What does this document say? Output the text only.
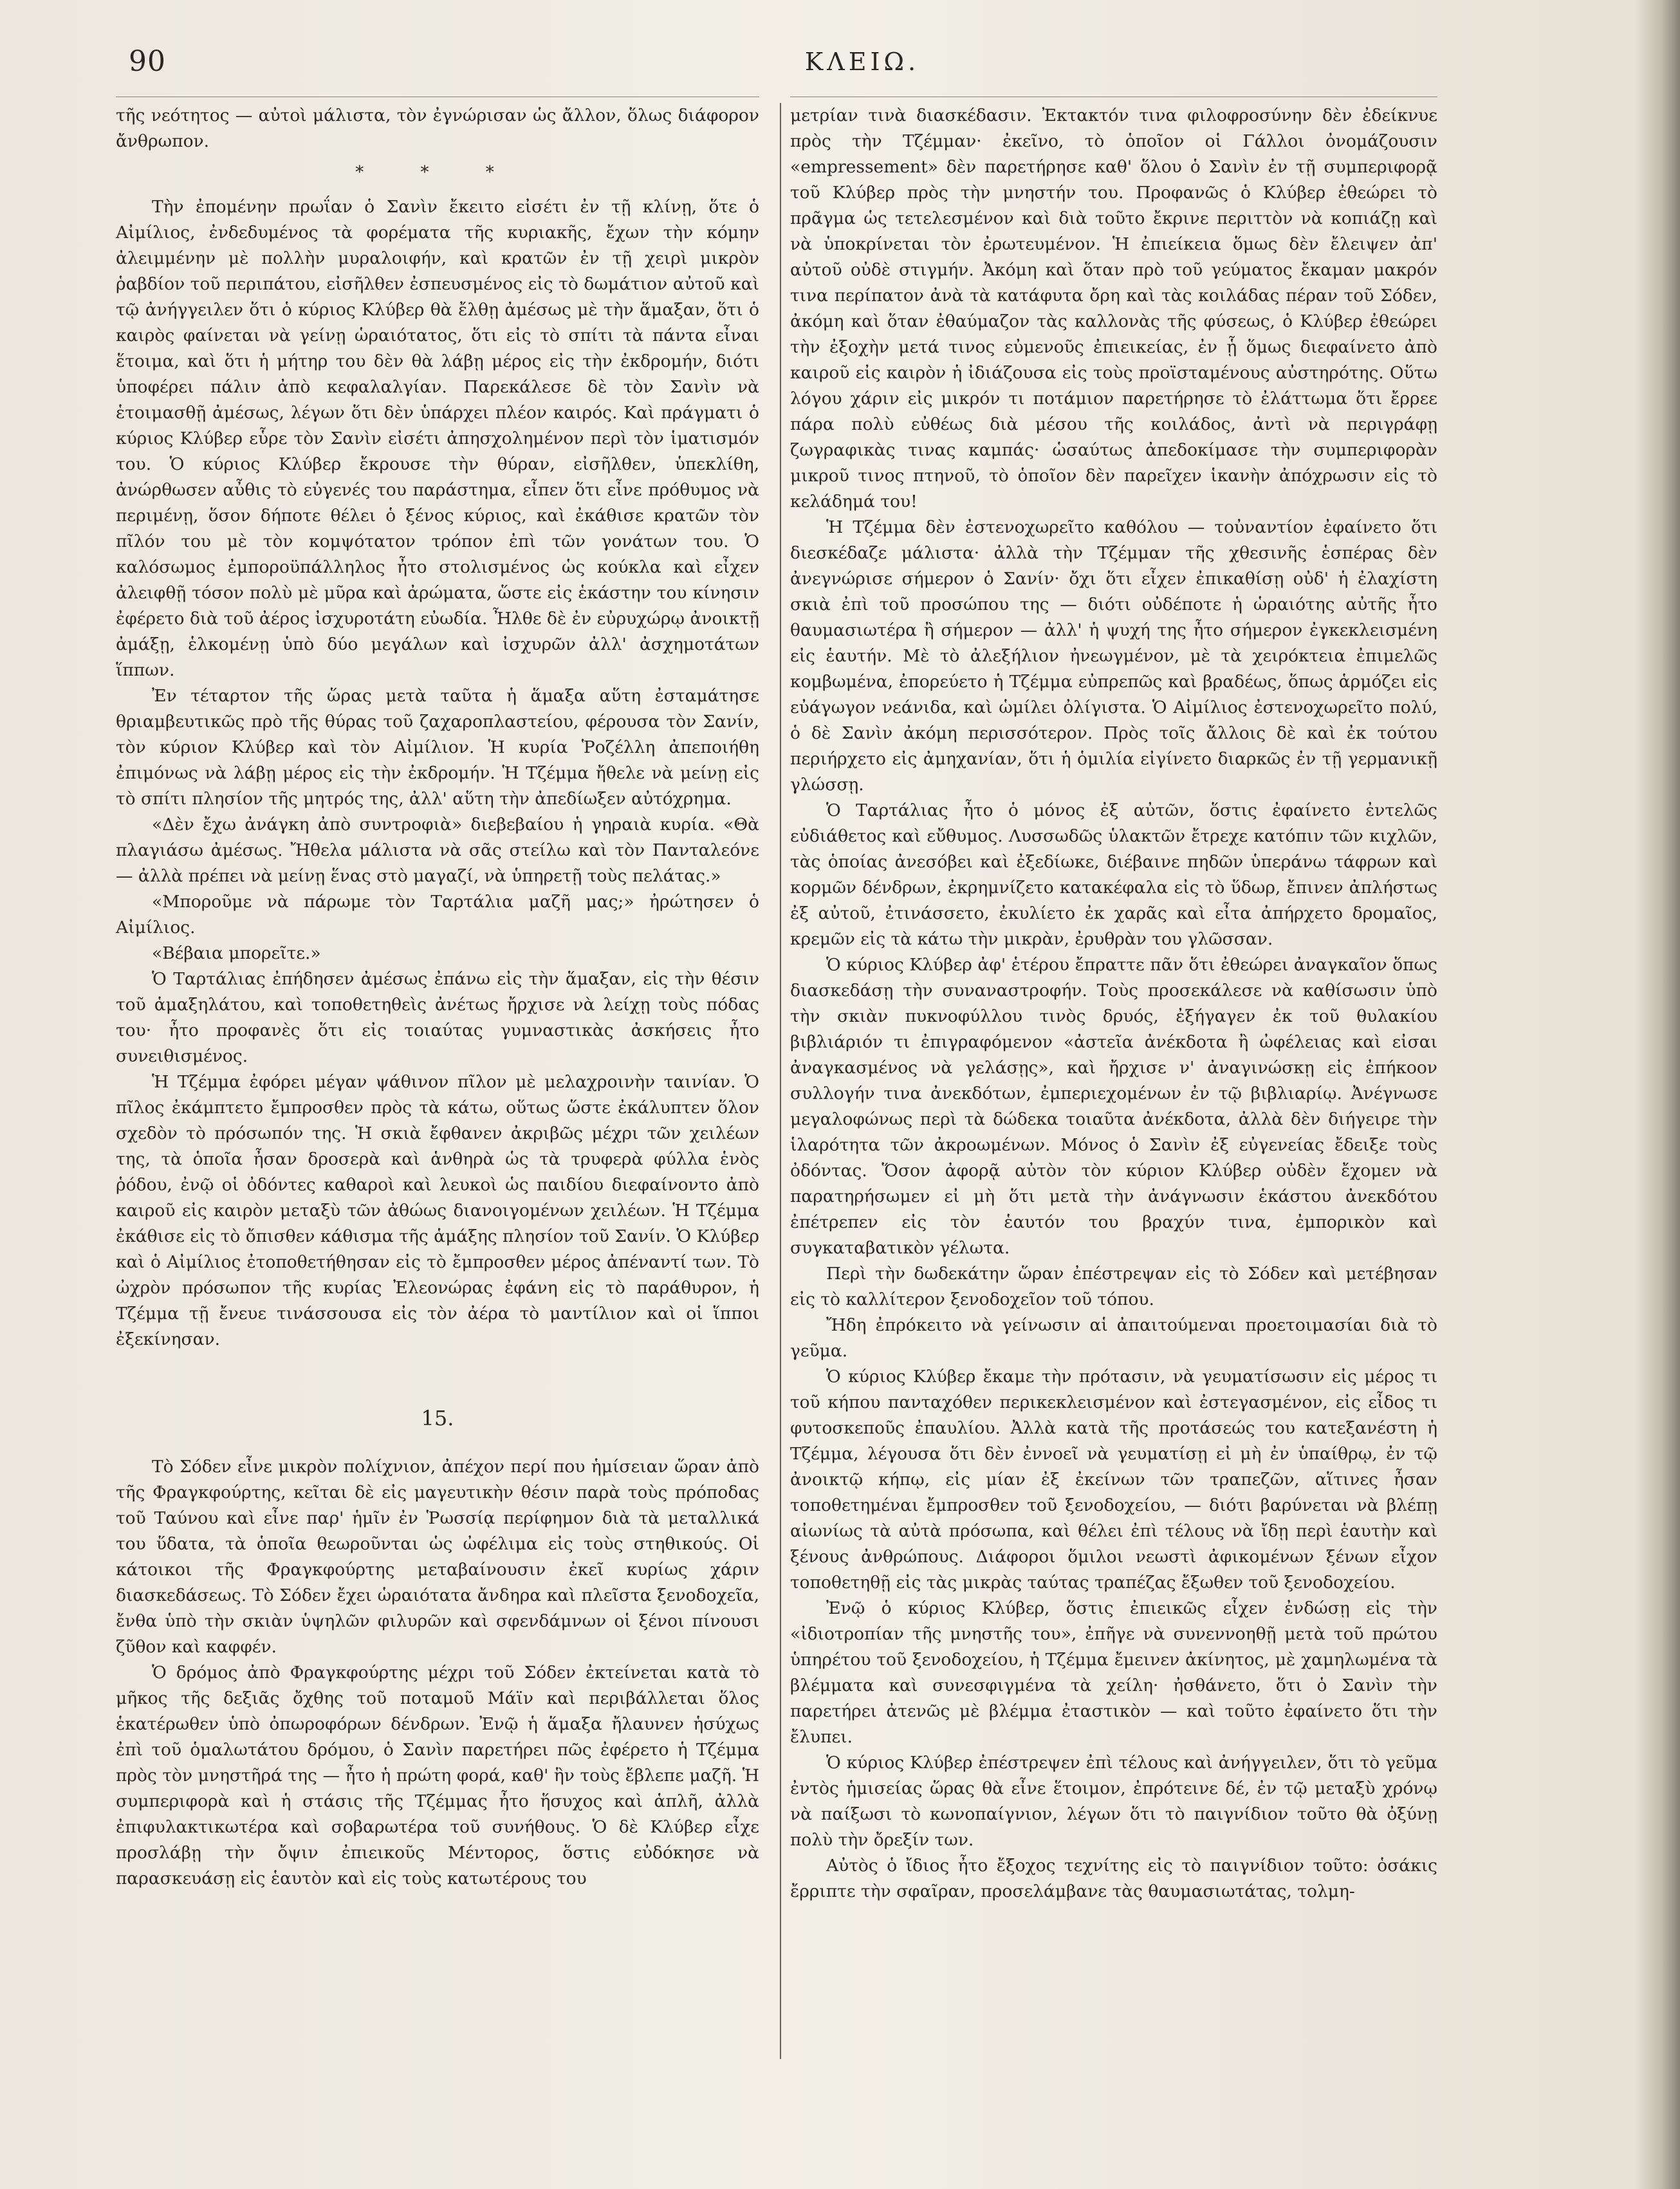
90	ΚΛΕΙΩ.

τῆς νεότητος — αὐτοὶ μάλιστα, τὸν ἐγνώρισαν ὡς ἄλλον, ὅλως διάφορον ἄνθρωπον.

* * *

Τὴν ἐπομένην πρωΐαν ὁ Σανὶν ἔκειτο εἰσέτι ἐν τῇ κλίνῃ, ὅτε ὁ Αἰμίλιος, ἐνδεδυμένος τὰ φορέματα τῆς κυριακῆς, ἔχων τὴν κόμην ἀλειμμένην μὲ πολλὴν μυραλοιφήν, καὶ κρατῶν ἐν τῇ χειρὶ μικρὸν ῥαβδίον τοῦ περιπάτου, εἰσῆλθεν ἐσπευσμένος εἰς τὸ δωμάτιον αὐτοῦ καὶ τῷ ἀνήγγειλεν ὅτι ὁ κύριος Κλύβερ θὰ ἔλθῃ ἀμέσως μὲ τὴν ἅμαξαν, ὅτι ὁ καιρὸς φαίνεται νὰ γείνῃ ὡραιότατος, ὅτι εἰς τὸ σπίτι τὰ πάντα εἶναι ἕτοιμα, καὶ ὅτι ἡ μήτηρ του δὲν θὰ λάβῃ μέρος εἰς τὴν ἐκδρομήν, διότι ὑποφέρει πάλιν ἀπὸ κεφαλαλγίαν. Παρεκάλεσε δὲ τὸν Σανὶν νὰ ἑτοιμασθῇ ἀμέσως, λέγων ὅτι δὲν ὑπάρχει πλέον καιρός. Καὶ πράγματι ὁ κύριος Κλύβερ εὗρε τὸν Σανὶν εἰσέτι ἀπησχολημένον περὶ τὸν ἱματισμόν του. Ὁ κύριος Κλύβερ ἔκρουσε τὴν θύραν, εἰσῆλθεν, ὑπεκλίθη, ἀνώρθωσεν αὖθις τὸ εὐγενές του παράστημα, εἶπεν ὅτι εἶνε πρόθυμος νὰ περιμένῃ, ὅσον δήποτε θέλει ὁ ξένος κύριος, καὶ ἐκάθισε κρατῶν τὸν πῖλόν του μὲ τὸν κομψότατον τρόπον ἐπὶ τῶν γονάτων του. Ὁ καλόσωμος ἐμποροϋπάλληλος ἦτο στολισμένος ὡς κούκλα καὶ εἶχεν ἀλειφθῇ τόσον πολὺ μὲ μῦρα καὶ ἀρώματα, ὥστε εἰς ἑκάστην του κίνησιν ἐφέρετο διὰ τοῦ ἀέρος ἰσχυροτάτη εὐωδία. Ἦλθε δὲ ἐν εὐρυχώρῳ ἀνοικτῇ ἀμάξῃ, ἑλκομένῃ ὑπὸ δύο μεγάλων καὶ ἰσχυρῶν ἀλλ' ἀσχημοτάτων ἵππων.

Ἐν τέταρτον τῆς ὥρας μετὰ ταῦτα ἡ ἅμαξα αὕτη ἐσταμάτησε θριαμβευτικῶς πρὸ τῆς θύρας τοῦ ζαχαροπλαστείου, φέρουσα τὸν Σανίν, τὸν κύριον Κλύβερ καὶ τὸν Αἰμίλιον. Ἡ κυρία Ῥοζέλλη ἀπεποιήθη ἐπιμόνως νὰ λάβῃ μέρος εἰς τὴν ἐκδρομήν. Ἡ Τζέμμα ἤθελε νὰ μείνῃ εἰς τὸ σπίτι πλησίον τῆς μητρός της, ἀλλ' αὕτη τὴν ἀπεδίωξεν αὐτόχρημα.

«Δὲν ἔχω ἀνάγκη ἀπὸ συντροφιὰ» διεβεβαίου ἡ γηραιὰ κυρία. «Θὰ πλαγιάσω ἀμέσως. Ἤθελα μάλιστα νὰ σᾶς στείλω καὶ τὸν Πανταλεόνε — ἀλλὰ πρέπει νὰ μείνῃ ἕνας στὸ μαγαζί, νὰ ὑπηρετῇ τοὺς πελάτας.»

«Μποροῦμε νὰ πάρωμε τὸν Ταρτάλια μαζῆ μας;» ἠρώτησεν ὁ Αἰμίλιος.

«Βέβαια μπορεῖτε.»

Ὁ Ταρτάλιας ἐπήδησεν ἀμέσως ἐπάνω εἰς τὴν ἅμαξαν, εἰς τὴν θέσιν τοῦ ἁμαξηλάτου, καὶ τοποθετηθεὶς ἀνέτως ἤρχισε νὰ λείχῃ τοὺς πόδας του· ἦτο προφανὲς ὅτι εἰς τοιαύτας γυμναστικὰς ἀσκήσεις ἦτο συνειθισμένος.

Ἡ Τζέμμα ἐφόρει μέγαν ψάθινον πῖλον μὲ μελαχροινὴν ταινίαν. Ὁ πῖλος ἐκάμπτετο ἔμπροσθεν πρὸς τὰ κάτω, οὕτως ὥστε ἐκάλυπτεν ὅλον σχεδὸν τὸ πρόσωπόν της. Ἡ σκιὰ ἔφθανεν ἀκριβῶς μέχρι τῶν χειλέων της, τὰ ὁποῖα ἦσαν δροσερὰ καὶ ἁνθηρὰ ὡς τὰ τρυφερὰ φύλλα ἑνὸς ῥόδου, ἐνῷ οἱ ὀδόντες καθαροὶ καὶ λευκοὶ ὡς παιδίου διεφαίνοντο ἀπὸ καιροῦ εἰς καιρὸν μεταξὺ τῶν ἀθώως διανοιγομένων χειλέων. Ἡ Τζέμμα ἐκάθισε εἰς τὸ ὄπισθεν κάθισμα τῆς ἁμάξης πλησίον τοῦ Σανίν. Ὁ Κλύβερ καὶ ὁ Αἰμίλιος ἐτοποθετήθησαν εἰς τὸ ἔμπροσθεν μέρος ἀπέναντί των. Τὸ ὠχρὸν πρόσωπον τῆς κυρίας Ἐλεονώρας ἐφάνη εἰς τὸ παράθυρον, ἡ Τζέμμα τῇ ἔνευε τινάσσουσα εἰς τὸν ἀέρα τὸ μαντίλιον καὶ οἱ ἵπποι ἐξεκίνησαν.

15.

Τὸ Σόδεν εἶνε μικρὸν πολίχνιον, ἀπέχον περί που ἡμίσειαν ὥραν ἀπὸ τῆς Φραγκφούρτης, κεῖται δὲ εἰς μαγευτικὴν θέσιν παρὰ τοὺς πρόποδας τοῦ Ταύνου καὶ εἶνε παρ' ἡμῖν ἐν Ῥωσσίᾳ περίφημον διὰ τὰ μεταλλικά του ὕδατα, τὰ ὁποῖα θεωροῦνται ὡς ὠφέλιμα εἰς τοὺς στηθικούς. Οἱ κάτοικοι τῆς Φραγκφούρτης μεταβαίνουσιν ἐκεῖ κυρίως χάριν διασκεδάσεως. Τὸ Σόδεν ἔχει ὡραιότατα ἄνδηρα καὶ πλεῖστα ξενοδοχεῖα, ἔνθα ὑπὸ τὴν σκιὰν ὑψηλῶν φιλυρῶν καὶ σφενδάμνων οἱ ξένοι πίνουσι ζῦθον καὶ καφφέν.

Ὁ δρόμος ἀπὸ Φραγκφούρτης μέχρι τοῦ Σόδεν ἐκτείνεται κατὰ τὸ μῆκος τῆς δεξιᾶς ὄχθης τοῦ ποταμοῦ Μάϊν καὶ περιβάλλεται ὅλος ἑκατέρωθεν ὑπὸ ὀπωροφόρων δένδρων. Ἐνῷ ἡ ἅμαξα ἤλαυνεν ἡσύχως ἐπὶ τοῦ ὁμαλωτάτου δρόμου, ὁ Σανὶν παρετήρει πῶς ἐφέρετο ἡ Τζέμμα πρὸς τὸν μνηστῆρά της — ἦτο ἡ πρώτη φορά, καθ' ἣν τοὺς ἔβλεπε μαζῆ. Ἡ συμπεριφορὰ καὶ ἡ στάσις τῆς Τζέμμας ἦτο ἥσυχος καὶ ἁπλῆ, ἀλλὰ ἐπιφυλακτικωτέρα καὶ σοβαρωτέρα τοῦ συνήθους. Ὁ δὲ Κλύβερ εἶχε προσλάβῃ τὴν ὄψιν ἐπιεικοῦς Μέντορος, ὅστις εὐδόκησε νὰ παρασκευάσῃ εἰς ἑαυτὸν καὶ εἰς τοὺς κατωτέρους του

μετρίαν τινὰ διασκέδασιν. Ἐκτακτόν τινα φιλοφροσύνην δὲν ἐδείκνυε πρὸς τὴν Τζέμμαν· ἐκεῖνο, τὸ ὁποῖον οἱ Γάλλοι ὀνομάζουσιν «empressement» δὲν παρετήρησε καθ' ὅλου ὁ Σανὶν ἐν τῇ συμπεριφορᾷ τοῦ Κλύβερ πρὸς τὴν μνηστήν του. Προφανῶς ὁ Κλύβερ ἐθεώρει τὸ πρᾶγμα ὡς τετελεσμένον καὶ διὰ τοῦτο ἔκρινε περιττὸν νὰ κοπιάζῃ καὶ νὰ ὑποκρίνεται τὸν ἐρωτευμένον. Ἡ ἐπιείκεια ὅμως δὲν ἔλειψεν ἀπ' αὐτοῦ οὐδὲ στιγμήν. Ἀκόμη καὶ ὅταν πρὸ τοῦ γεύματος ἔκαμαν μακρόν τινα περίπατον ἀνὰ τὰ κατάφυτα ὄρη καὶ τὰς κοιλάδας πέραν τοῦ Σόδεν, ἀκόμη καὶ ὅταν ἐθαύμαζον τὰς καλλονὰς τῆς φύσεως, ὁ Κλύβερ ἐθεώρει τὴν ἐξοχὴν μετά τινος εὐμενοῦς ἐπιεικείας, ἐν ᾗ ὅμως διεφαίνετο ἀπὸ καιροῦ εἰς καιρὸν ἡ ἰδιάζουσα εἰς τοὺς προϊσταμένους αὐστηρότης. Οὕτω λόγου χάριν εἰς μικρόν τι ποτάμιον παρετήρησε τὸ ἐλάττωμα ὅτι ἔρρεε πάρα πολὺ εὐθέως διὰ μέσου τῆς κοιλάδος, ἀντὶ νὰ περιγράφῃ ζωγραφικὰς τινας καμπάς· ὡσαύτως ἀπεδοκίμασε τὴν συμπεριφορὰν μικροῦ τινος πτηνοῦ, τὸ ὁποῖον δὲν παρεῖχεν ἱκανὴν ἀπόχρωσιν εἰς τὸ κελάδημά του!

Ἡ Τζέμμα δὲν ἐστενοχωρεῖτο καθόλου — τοὐναντίον ἐφαίνετο ὅτι διεσκέδαζε μάλιστα· ἀλλὰ τὴν Τζέμμαν τῆς χθεσινῆς ἑσπέρας δὲν ἀνεγνώρισε σήμερον ὁ Σανίν· ὄχι ὅτι εἶχεν ἐπικαθίσῃ οὐδ' ἡ ἐλαχίστη σκιὰ ἐπὶ τοῦ προσώπου της — διότι οὐδέποτε ἡ ὡραιότης αὐτῆς ἦτο θαυμασιωτέρα ἢ σήμερον — ἀλλ' ἡ ψυχή της ἦτο σήμερον ἐγκεκλεισμένη εἰς ἑαυτήν. Μὲ τὸ ἀλεξήλιον ἠνεωγμένον, μὲ τὰ χειρόκτεια ἐπιμελῶς κομβωμένα, ἐπορεύετο ἡ Τζέμμα εὐπρεπῶς καὶ βραδέως, ὅπως ἁρμόζει εἰς εὐάγωγον νεάνιδα, καὶ ὡμίλει ὀλίγιστα. Ὁ Αἰμίλιος ἐστενοχωρεῖτο πολύ, ὁ δὲ Σανὶν ἀκόμη περισσότερον. Πρὸς τοῖς ἄλλοις δὲ καὶ ἐκ τούτου περιήρχετο εἰς ἀμηχανίαν, ὅτι ἡ ὁμιλία εἰγίνετο διαρκῶς ἐν τῇ γερμανικῇ γλώσσῃ.

Ὁ Ταρτάλιας ἦτο ὁ μόνος ἐξ αὐτῶν, ὅστις ἐφαίνετο ἐντελῶς εὐδιάθετος καὶ εὔθυμος. Λυσσωδῶς ὑλακτῶν ἔτρεχε κατόπιν τῶν κιχλῶν, τὰς ὁποίας ἀνεσόβει καὶ ἐξεδίωκε, διέβαινε πηδῶν ὑπεράνω τάφρων καὶ κορμῶν δένδρων, ἐκρημνίζετο κατακέφαλα εἰς τὸ ὕδωρ, ἔπινεν ἀπλήστως ἐξ αὐτοῦ, ἐτινάσσετο, ἐκυλίετο ἐκ χαρᾶς καὶ εἶτα ἀπήρχετο δρομαῖος, κρεμῶν εἰς τὰ κάτω τὴν μικρὰν, ἐρυθρὰν του γλῶσσαν.

Ὁ κύριος Κλύβερ ἀφ' ἑτέρου ἔπραττε πᾶν ὅτι ἐθεώρει ἀναγκαῖον ὅπως διασκεδάσῃ τὴν συναναστροφήν. Τοὺς προσεκάλεσε νὰ καθίσωσιν ὑπὸ τὴν σκιὰν πυκνοφύλλου τινὸς δρυός, ἐξήγαγεν ἐκ τοῦ θυλακίου βιβλιάριόν τι ἐπιγραφόμενον «ἀστεῖα ἀνέκδοτα ἢ ὠφέλειας καὶ εἰσαι ἀναγκασμένος νὰ γελάσῃς», καὶ ἤρχισε ν' ἀναγινώσκῃ εἰς ἐπήκοον συλλογήν τινα ἀνεκδότων, ἐμπεριεχομένων ἐν τῷ βιβλιαρίῳ. Ἀνέγνωσε μεγαλοφώνως περὶ τὰ δώδεκα τοιαῦτα ἀνέκδοτα, ἀλλὰ δὲν διήγειρε τὴν ἱλαρότητα τῶν ἀκροωμένων. Μόνος ὁ Σανὶν ἐξ εὐγενείας ἔδειξε τοὺς ὀδόντας. Ὅσον ἀφορᾷ αὐτὸν τὸν κύριον Κλύβερ οὐδὲν ἔχομεν νὰ παρατηρήσωμεν εἰ μὴ ὅτι μετὰ τὴν ἀνάγνωσιν ἑκάστου ἀνεκδότου ἐπέτρεπεν εἰς τὸν ἑαυτόν του βραχύν τινα, ἐμπορικὸν καὶ συγκαταβατικὸν γέλωτα.

Περὶ τὴν δωδεκάτην ὥραν ἐπέστρεψαν εἰς τὸ Σόδεν καὶ μετέβησαν εἰς τὸ καλλίτερον ξενοδοχεῖον τοῦ τόπου.

Ἤδη ἐπρόκειτο νὰ γείνωσιν αἱ ἀπαιτούμεναι προετοιμασίαι διὰ τὸ γεῦμα.

Ὁ κύριος Κλύβερ ἔκαμε τὴν πρότασιν, νὰ γευματίσωσιν εἰς μέρος τι τοῦ κήπου πανταχόθεν περικεκλεισμένον καὶ ἐστεγασμένον, εἰς εἶδος τι φυτοσκεποῦς ἐπαυλίου. Ἀλλὰ κατὰ τῆς προτάσεώς του κατεξανέστη ἡ Τζέμμα, λέγουσα ὅτι δὲν ἐννοεῖ νὰ γευματίσῃ εἰ μὴ ἐν ὑπαίθρῳ, ἐν τῷ ἀνοικτῷ κήπῳ, εἰς μίαν ἐξ ἐκείνων τῶν τραπεζῶν, αἵτινες ἦσαν τοποθετημέναι ἔμπροσθεν τοῦ ξενοδοχείου, — διότι βαρύνεται νὰ βλέπῃ αἰωνίως τὰ αὐτὰ πρόσωπα, καὶ θέλει ἐπὶ τέλους νὰ ἴδῃ περὶ ἑαυτὴν καὶ ξένους ἀνθρώπους. Διάφοροι ὅμιλοι νεωστὶ ἀφικομένων ξένων εἶχον τοποθετηθῇ εἰς τὰς μικρὰς ταύτας τραπέζας ἔξωθεν τοῦ ξενοδοχείου.

Ἐνῷ ὁ κύριος Κλύβερ, ὅστις ἐπιεικῶς εἶχεν ἐνδώσῃ εἰς τὴν «ἰδιοτροπίαν τῆς μνηστῆς του», ἐπῆγε νὰ συνεννοηθῇ μετὰ τοῦ πρώτου ὑπηρέτου τοῦ ξενοδοχείου, ἡ Τζέμμα ἔμεινεν ἀκίνητος, μὲ χαμηλωμένα τὰ βλέμματα καὶ συνεσφιγμένα τὰ χείλη· ἠσθάνετο, ὅτι ὁ Σανὶν τὴν παρετήρει ἀτενῶς μὲ βλέμμα ἐταστικὸν — καὶ τοῦτο ἐφαίνετο ὅτι τὴν ἔλυπει.

Ὁ κύριος Κλύβερ ἐπέστρεψεν ἐπὶ τέλους καὶ ἀνήγγειλεν, ὅτι τὸ γεῦμα ἐντὸς ἡμισείας ὥρας θὰ εἶνε ἕτοιμον, ἐπρότεινε δέ, ἐν τῷ μεταξὺ χρόνῳ νὰ παίξωσι τὸ κωνοπαίγνιον, λέγων ὅτι τὸ παιγνίδιον τοῦτο θὰ ὀξύνῃ πολὺ τὴν ὄρεξίν των.

Αὐτὸς ὁ ἴδιος ἦτο ἔξοχος τεχνίτης εἰς τὸ παιγνίδιον τοῦτο: ὁσάκις ἔρριπτε τὴν σφαῖραν, προσελάμβανε τὰς θαυμασιωτάτας, τολμη-
